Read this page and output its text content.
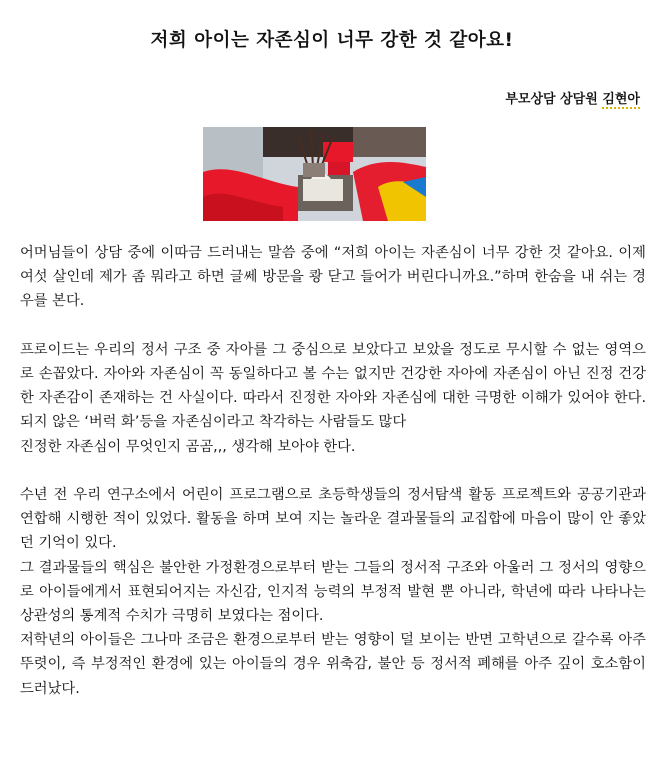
저희 아이는 자존심이 너무 강한 것 같아요!
부모상담 상담원 김현아

어머님들이 상담 중에 이따금 드러내는 말씀 중에 “저희 아이는 자존심이 너무 강한 것 같아요. 이제 여섯 살인데 제가 좀 뭐라고 하면 글쎄 방문을 쾅 닫고 들어가 버린다니까요.”하며 한숨을 내 쉬는 경우를 본다.

프로이드는 우리의 정서 구조 중 자아를 그 중심으로 보았다고 보았을 정도로 무시할 수 없는 영역으로 손꼽았다. 자아와 자존심이 꼭 동일하다고 볼 수는 없지만 건강한 자아에 자존심이 아닌 진정 건강한 자존감이 존재하는 건 사실이다. 따라서 진정한 자아와 자존심에 대한 극명한 이해가 있어야 한다. 되지 않은 ‘버럭 화’등을 자존심이라고 착각하는 사람들도 많다

진정한 자존심이 무엇인지 곰곰,,, 생각해 보아야 한다.

수년 전 우리 연구소에서 어린이 프로그램으로 초등학생들의 정서탐색 활동 프로젝트와 공공기관과 연합해 시행한 적이 있었다. 활동을 하며 보여 지는 놀라운 결과물들의 교집합에 마음이 많이 안 좋았던 기억이 있다.

그 결과물들의 핵심은 불안한 가정환경으로부터 받는 그들의 정서적 구조와 아울러 그 정서의 영향으로 아이들에게서 표현되어지는 자신감, 인지적 능력의 부정적 발현 뿐 아니라, 학년에 따라 나타나는 상관성의 통계적 수치가 극명히 보였다는 점이다.

저학년의 아이들은 그나마 조금은 환경으로부터 받는 영향이 덜 보이는 반면 고학년으로 갈수록 아주 뚜렷이, 즉 부정적인 환경에 있는 아이들의 경우 위축감, 불안 등 정서적 폐해를 아주 깊이 호소함이 드러났다.
